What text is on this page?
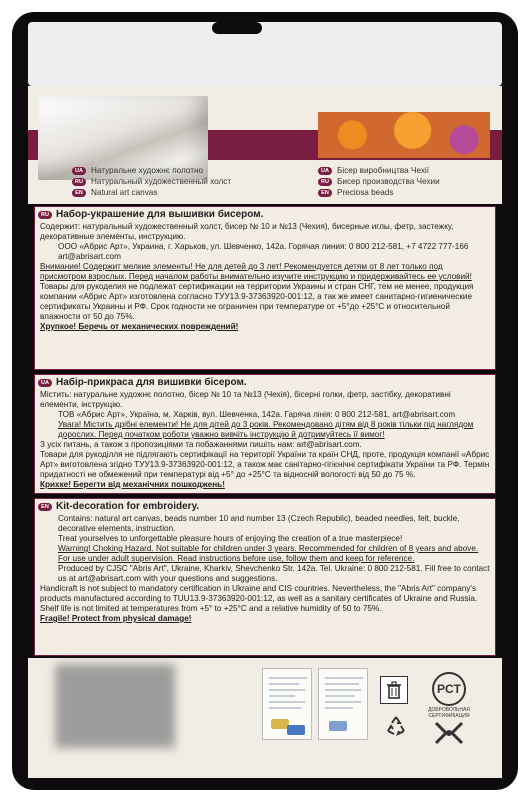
UA Натуральне художнє полотно
RU Натуральный художественный холст
EN Natural art canvas
UA Бісер виробництва Чехії
RU Бисер производства Чехии
EN Preciosa beads
RU Набор-украшение для вышивки бисером.

Содержит: натуральный художественный холст, бисер № 10 и №13 (Чехия), бисерные иглы, фетр, застежку, декоративные элементы, инструкцию.

ООО «Абрис Арт», Украина, г. Харьков, ул. Шевченко, 142а. Горячая линия: 0 800 212-581, +7 4722 777-166 art@abrisart.com

Внимание! Содержит мелкие элементы! Не для детей до 3 лет! Рекомендуется детям от 8 лет только под присмотром взрослых. Перед началом работы внимательно изучите инструкцию и придерживайтесь ее условий!

Товары для рукоделия не подлежат сертификации на территории Украины и стран СНГ, тем не менее, продукция компании «Абрис Арт» изготовлена согласно ТУУ13.9-37363920-001:12, а так же имеет санитарно-гигиенические сертификаты Украины и РФ. Срок годности не ограничен при температуре от +5°до +25°С и относительной влажности от 50 до 75%.

Хрупкое! Беречь от механических повреждений!

UA Набір-прикраса для вишивки бісером.

Містить: натуральне художнє полотно, бісер № 10 та №13 (Чехія), бісерні голки, фетр, застібку, декоративні елементи, інструкцію.

ТОВ «Абрис Арт», Україна, м. Харків, вул. Шевченка, 142а. Гаряча лінія: 0 800 212-581, art@abrisart.com

Увага! Містить дрібні елементи! Не для дітей до 3 років. Рекомендовано дітям від 8 років тільки під наглядом дорослих. Перед початком роботи уважно вивчіть інструкцію й дотримуйтесь її вимог!

З усіх питань, а також з пропозиціями та побажаннями пишіть нам: art@abrisart.com.

Товари для рукоділля не підлягають сертифікації на території України та країн СНД, проте, продукція компанії «Абрис Арт» виготовлена згідно ТУУ13.9-37363920-001:12, а також має санітарно-гігієнічні сертифікати України та РФ. Термін придатності не обмежений при температурі від +5° до +25°С та відносній вологості від 50 до 75 %.

Крихке! Берегти від механічних пошкоджень!

EN Kit-decoration for embroidery.

Contains: natural art canvas, beads number 10 and number 13 (Czech Republic), beaded needles, felt, buckle, decorative elements, instruction.

Treat yourselves to unforgettable pleasure hours of enjoying the creation of a true masterpiece!

Warning! Choking Hazard. Not suitable for children under 3 years. Recommended for children of 8 years and above. For use under adult supervision. Read instructions before use, follow them and keep for reference.

Produced by CJSC "Abris Art", Ukraine, Kharkiv, Shevchenko Str. 142a. Tel. Ukraine: 0 800 212-581. Fill free to contact us at art@abrisart.com with your questions and suggestions.

Handicraft is not subject to mandatory certification in Ukraine and CIS countries. Nevertheless, the "Abris Art" company's products manufactured according to TUU13.9-37363920-001:12, as well as a sanitary certificates of Ukraine and Russia. Shelf life is not limited at temperatures from +5° to +25°C and a relative humidity of 50 to 75%.

Fragile! Protect from physical damage!

PCT
ДОБРОВОЛЬНАЯ СЕРТИФИКАЦИЯ
